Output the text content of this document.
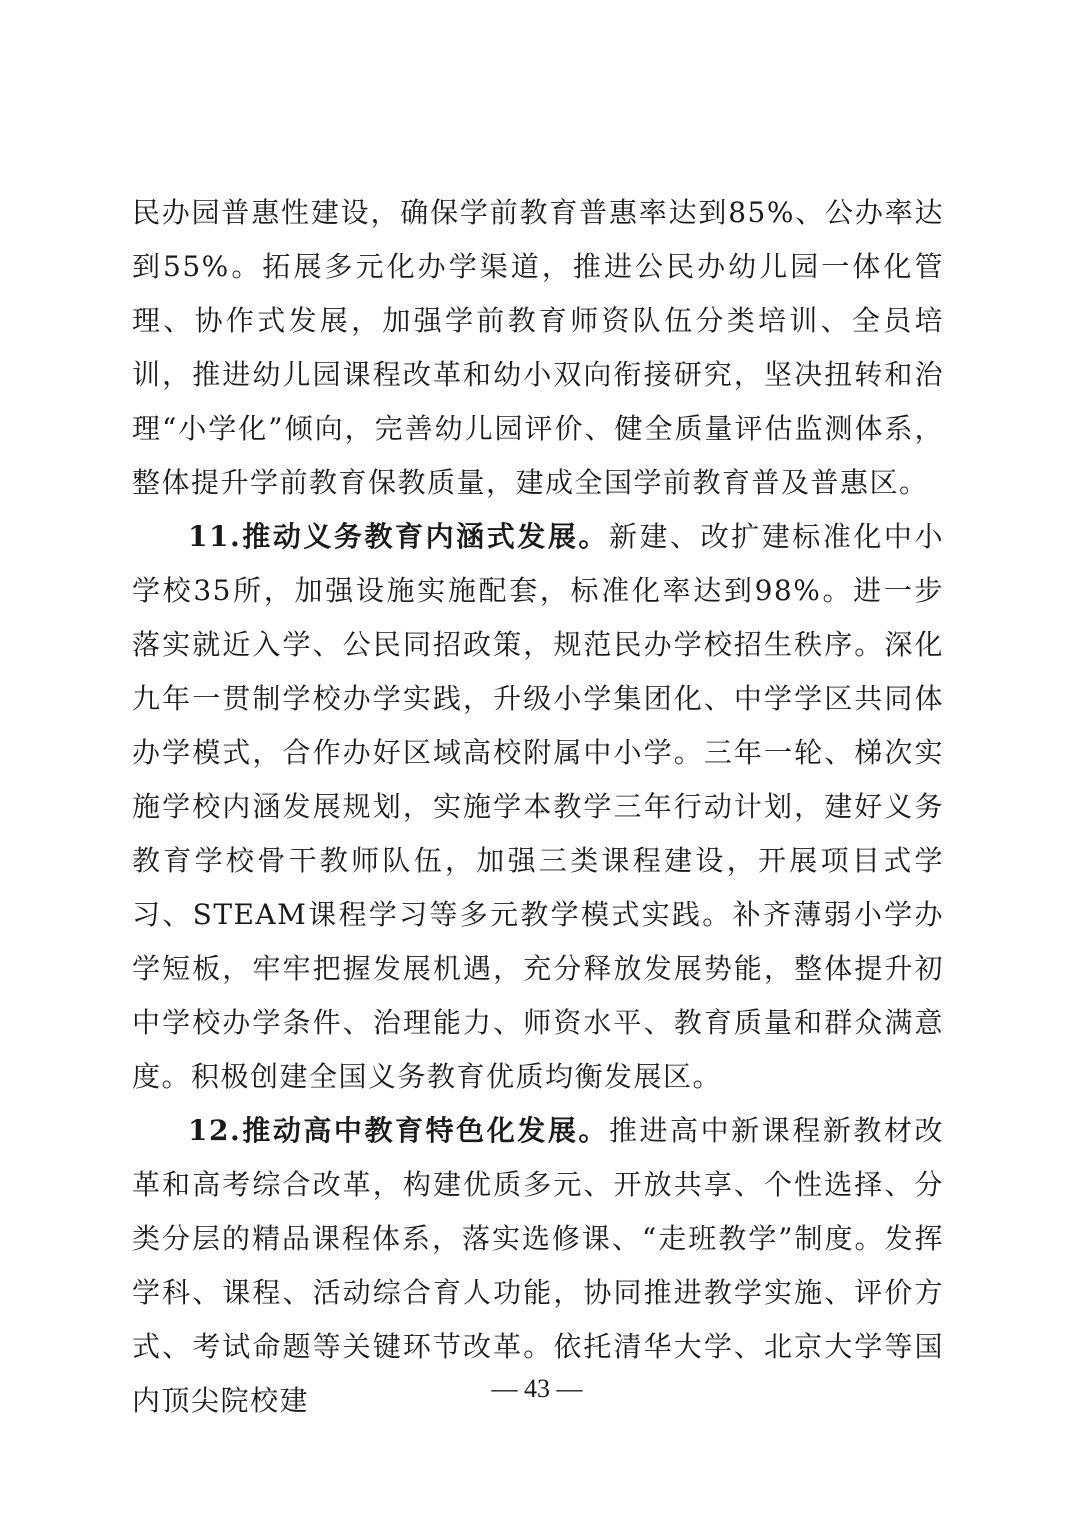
民办园普惠性建设，确保学前教育普惠率达到85%、公办率达到55%。拓展多元化办学渠道，推进公民办幼儿园一体化管理、协作式发展，加强学前教育师资队伍分类培训、全员培训，推进幼儿园课程改革和幼小双向衔接研究，坚决扭转和治理“小学化”倾向，完善幼儿园评价、健全质量评估监测体系，整体提升学前教育保教质量，建成全国学前教育普及普惠区。

11.推动义务教育内涵式发展。新建、改扩建标准化中小学校35所，加强设施实施配套，标准化率达到98%。进一步落实就近入学、公民同招政策，规范民办学校招生秩序。深化九年一贯制学校办学实践，升级小学集团化、中学学区共同体办学模式，合作办好区域高校附属中小学。三年一轮、梯次实施学校内涵发展规划，实施学本教学三年行动计划，建好义务教育学校骨干教师队伍，加强三类课程建设，开展项目式学习、STEAM课程学习等多元教学模式实践。补齐薄弱小学办学短板，牢牢把握发展机遇，充分释放发展势能，整体提升初中学校办学条件、治理能力、师资水平、教育质量和群众满意度。积极创建全国义务教育优质均衡发展区。

12.推动高中教育特色化发展。推进高中新课程新教材改革和高考综合改革，构建优质多元、开放共享、个性选择、分类分层的精品课程体系，落实选修课、“走班教学”制度。发挥学科、课程、活动综合育人功能，协同推进教学实施、评价方式、考试命题等关键环节改革。依托清华大学、北京大学等国内顶尖院校建	— 43 —
